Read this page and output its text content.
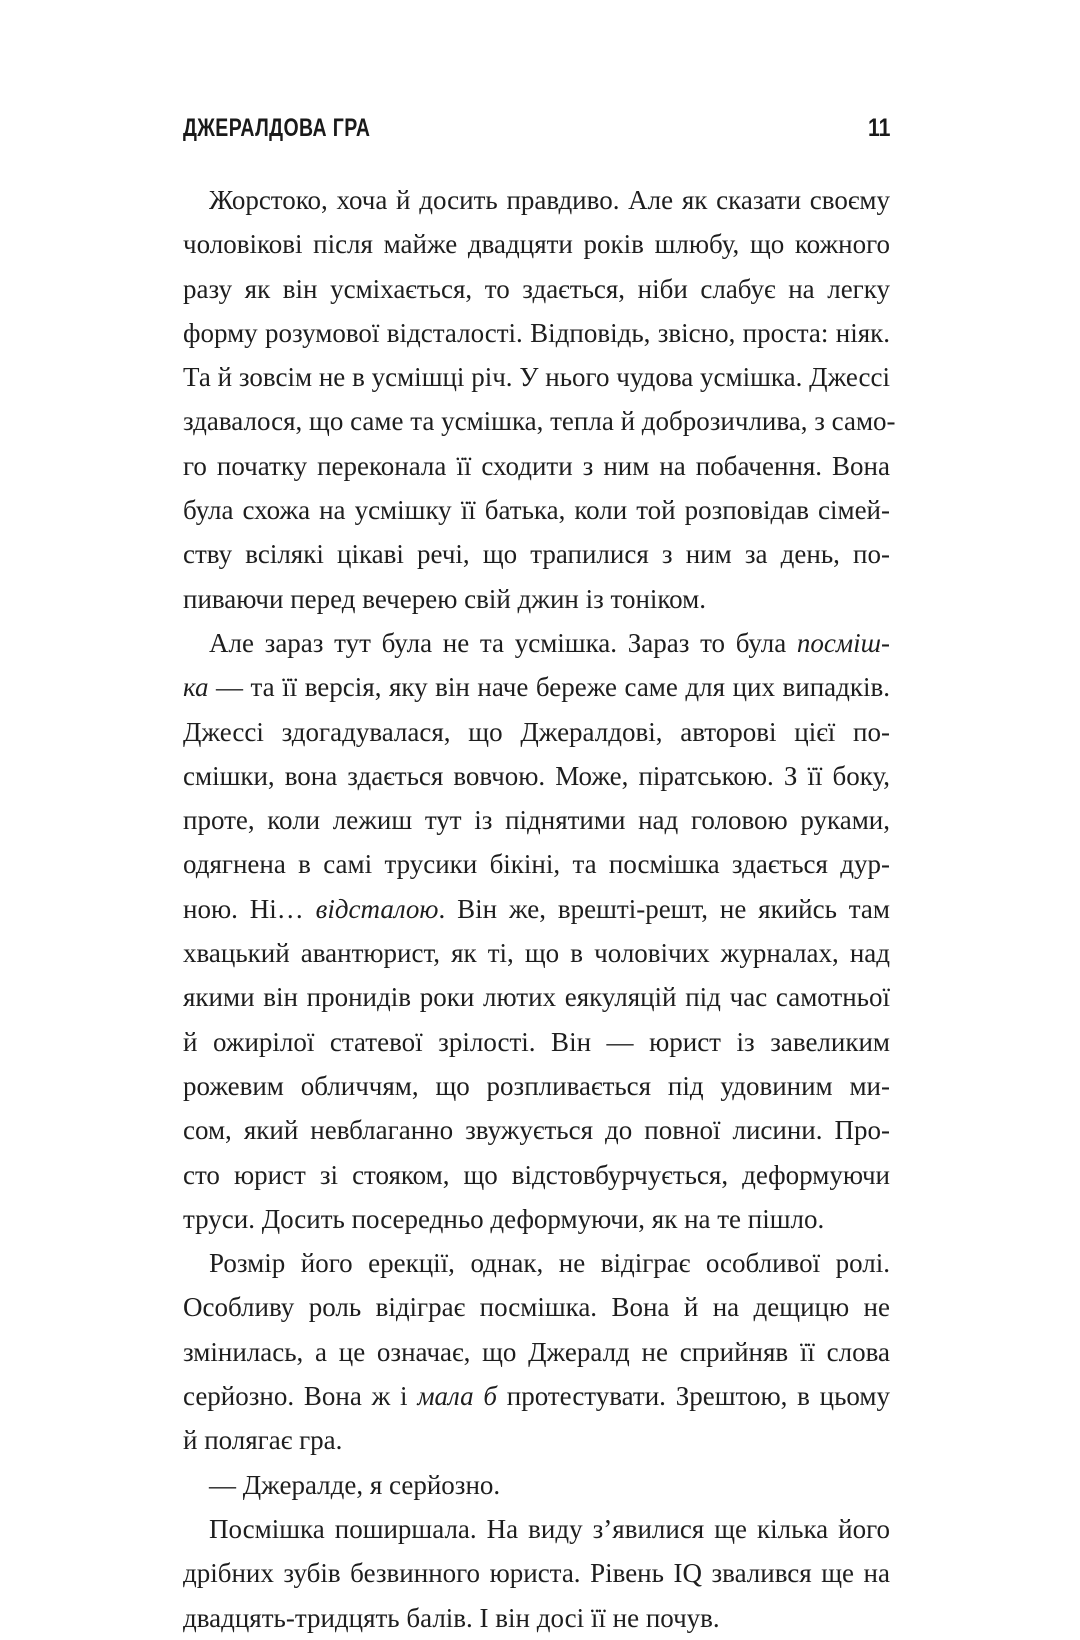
ДЖЕРАЛДОВА ГРА	11
Жорстоко, хоча й досить правдиво. Але як сказати своєму
чоловікові після майже двадцяти років шлюбу, що кожного
разу як він усміхається, то здається, ніби слабує на легку
форму розумової відсталості. Відповідь, звісно, проста: ніяк.
Та й зовсім не в усмішці річ. У нього чудова усмішка. Джессі
здавалося, що саме та усмішка, тепла й доброзичлива, з само-
го початку переконала її сходити з ним на побачення. Вона
була схожа на усмішку її батька, коли той розповідав сімей-
ству всілякі цікаві речі, що трапилися з ним за день, по-
пиваючи перед вечерею свій джин із тоніком.
Але зараз тут була не та усмішка. Зараз то була посміш-
ка — та її версія, яку він наче береже саме для цих випадків.
Джессі здогадувалася, що Джералдові, авторові цієї по-
смішки, вона здається вовчою. Може, піратською. З її боку,
проте, коли лежиш тут із піднятими над головою руками,
одягнена в самі трусики бікіні, та посмішка здається дур-
ною. Ні… відсталою. Він же, врешті-решт, не якийсь там
хвацький авантюрист, як ті, що в чоловічих журналах, над
якими він пронидів роки лютих еякуляцій під час самотньої
й ожирілої статевої зрілості. Він — юрист із завеликим
рожевим обличчям, що розпливається під удовиним ми-
сом, який невблаганно звужується до повної лисини. Про-
сто юрист зі стояком, що відстовбурчується, деформуючи
труси. Досить посередньо деформуючи, як на те пішло.
Розмір його ерекції, однак, не відіграє особливої ролі.
Особливу роль відіграє посмішка. Вона й на дещицю не
змінилась, а це означає, що Джералд не сприйняв її слова
серйозно. Вона ж і мала б протестувати. Зрештою, в цьому
й полягає гра.
— Джералде, я серйозно.
Посмішка поширшала. На виду з’явилися ще кілька його
дрібних зубів безвинного юриста. Рівень IQ звалився ще на
двадцять-тридцять балів. І він досі її не почув.
